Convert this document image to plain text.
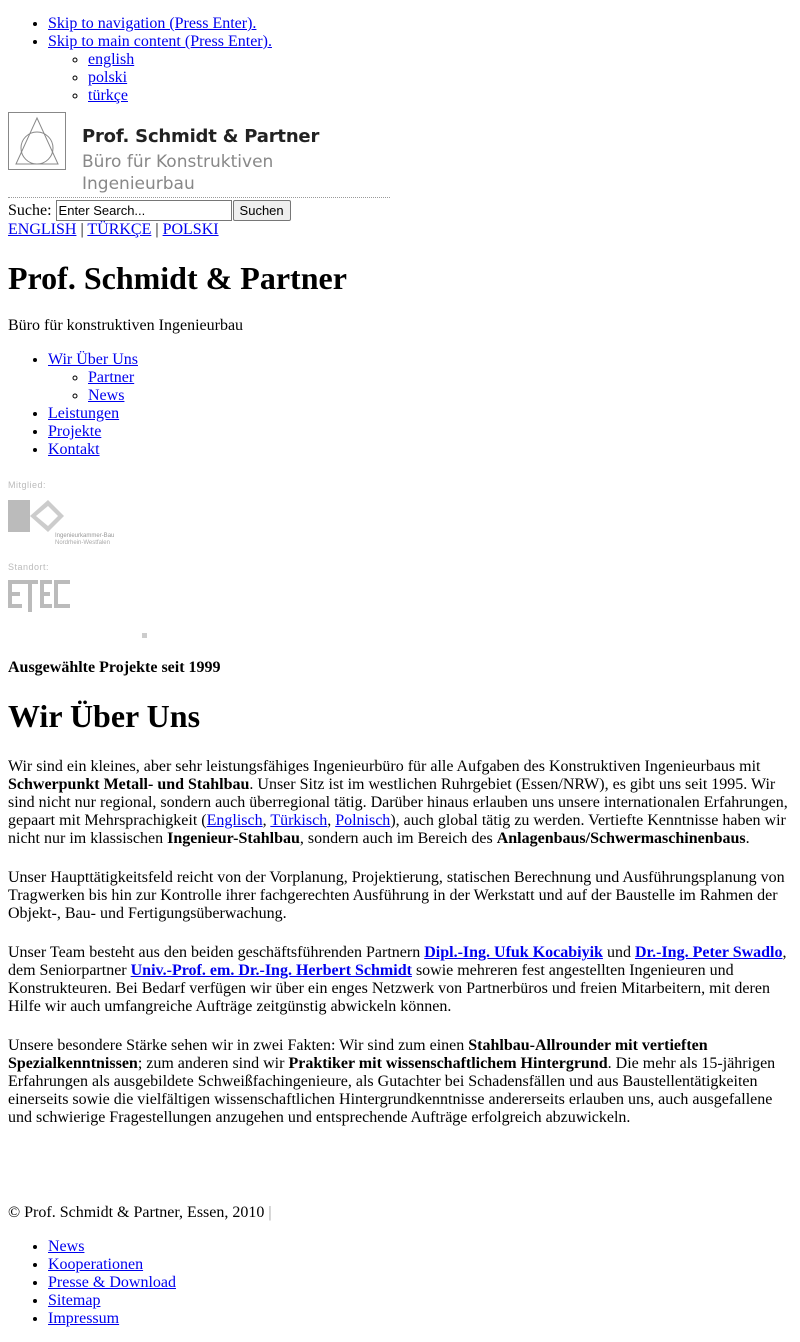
• Skip to navigation (Press Enter).
• Skip to main content (Press Enter).
◦ english
◦ polski
◦ türkçe
Prof. Schmidt & Partner
Büro für Konstruktiven Ingenieurbau
Suche:
Enter Search...	Suchen
ENGLISH | TÜRKÇE | POLSKI
Prof. Schmidt & Partner

Büro für konstruktiven Ingenieurbau

• Wir Über Uns
◦ Partner
◦ News
• Leistungen
• Projekte
• Kontakt
Mitglied:
Ingenieurkammer-Bau
Nordrhein-Westfalen
Standort:
Ausgewählte Projekte seit 1999
Wir Über Uns

Wir sind ein kleines, aber sehr leistungsfähiges Ingenieurbüro für alle Aufgaben des Konstruktiven Ingenieurbaus mit Schwerpunkt Metall- und Stahlbau. Unser Sitz ist im westlichen Ruhrgebiet (Essen/NRW), es gibt uns seit 1995. Wir sind nicht nur regional, sondern auch überregional tätig. Darüber hinaus erlauben uns unsere internationalen Erfahrungen, gepaart mit Mehrsprachigkeit (Englisch, Türkisch, Polnisch), auch global tätig zu werden. Vertiefte Kenntnisse haben wir nicht nur im klassischen Ingenieur-Stahlbau, sondern auch im Bereich des Anlagenbaus/Schwermaschinenbaus.

Unser Haupttätigkeitsfeld reicht von der Vorplanung, Projektierung, statischen Berechnung und Ausführungsplanung von Tragwerken bis hin zur Kontrolle ihrer fachgerechten Ausführung in der Werkstatt und auf der Baustelle im Rahmen der Objekt-, Bau- und Fertigungsüberwachung.

Unser Team besteht aus den beiden geschäftsführenden Partnern Dipl.-Ing. Ufuk Kocabiyik und Dr.-Ing. Peter Swadlo, dem Seniorpartner Univ.-Prof. em. Dr.-Ing. Herbert Schmidt sowie mehreren fest angestellten Ingenieuren und Konstrukteuren. Bei Bedarf verfügen wir über ein enges Netzwerk von Partnerbüros und freien Mitarbeitern, mit deren Hilfe wir auch umfangreiche Aufträge zeitgünstig abwickeln können.

Unsere besondere Stärke sehen wir in zwei Fakten: Wir sind zum einen Stahlbau-Allrounder mit vertieften Spezialkenntnissen; zum anderen sind wir Praktiker mit wissenschaftlichem Hintergrund. Die mehr als 15-jährigen Erfahrungen als ausgebildete Schweißfachingenieure, als Gutachter bei Schadensfällen und aus Baustellentätigkeiten einerseits sowie die vielfältigen wissenschaftlichen Hintergrundkenntnisse andererseits erlauben uns, auch ausgefallene und schwierige Fragestellungen anzugehen und entsprechende Aufträge erfolgreich abzuwickeln.

© Prof. Schmidt & Partner, Essen, 2010 |
• News
• Kooperationen
• Presse & Download
• Sitemap
• Impressum
